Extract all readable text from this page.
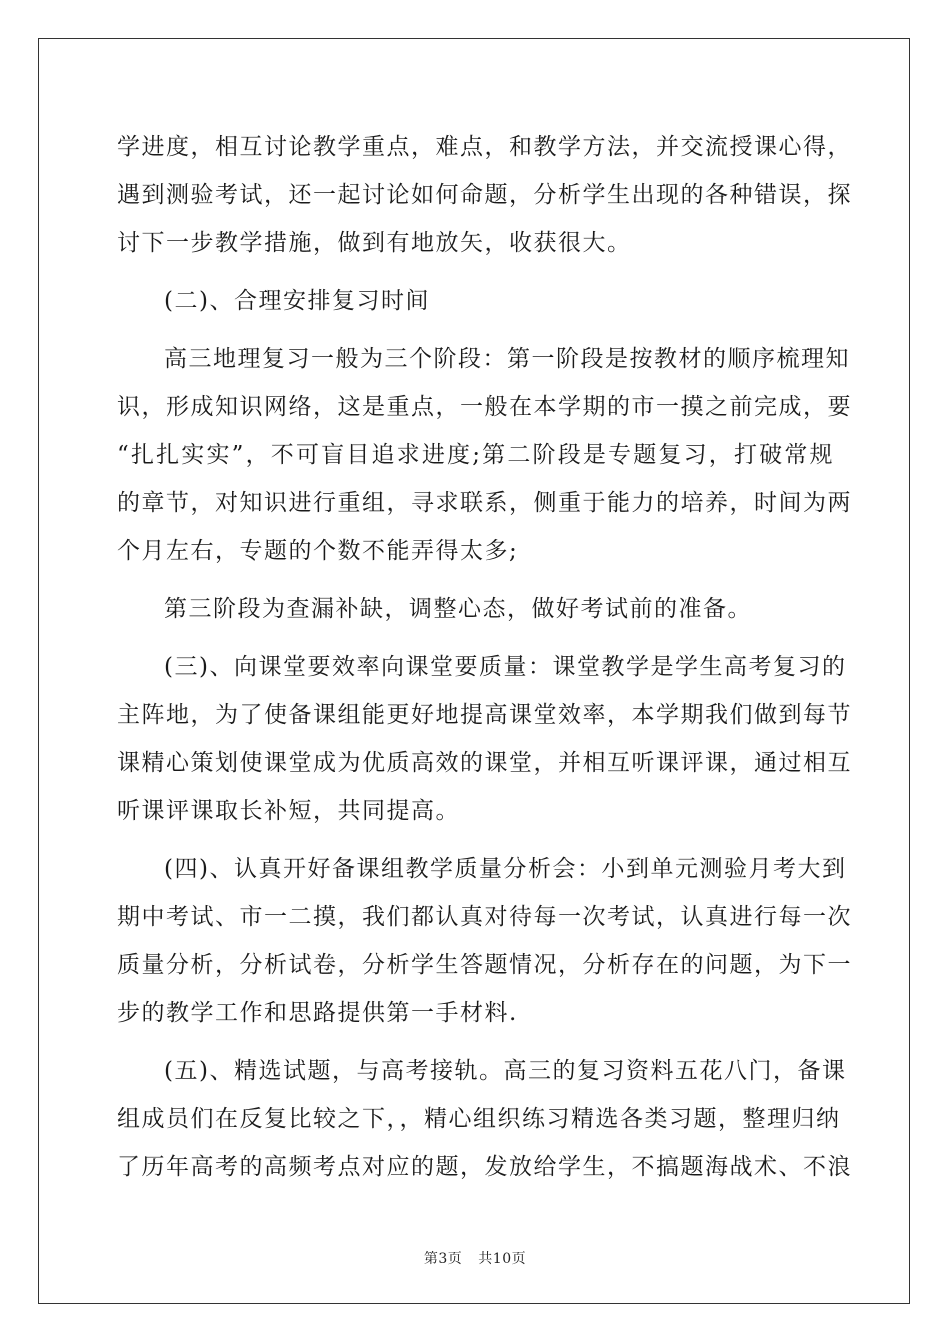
学进度，相互讨论教学重点，难点，和教学方法，并交流授课心得，
遇到测验考试，还一起讨论如何命题，分析学生出现的各种错误，探
讨下一步教学措施，做到有地放矢，收获很大。
(二)、合理安排复习时间
高三地理复习一般为三个阶段：第一阶段是按教材的顺序梳理知
识，形成知识网络，这是重点，一般在本学期的市一摸之前完成，要
“扎扎实实”，不可盲目追求进度;第二阶段是专题复习，打破常规
的章节，对知识进行重组，寻求联系，侧重于能力的培养，时间为两
个月左右，专题的个数不能弄得太多;
第三阶段为查漏补缺，调整心态，做好考试前的准备。
(三)、向课堂要效率向课堂要质量：课堂教学是学生高考复习的
主阵地，为了使备课组能更好地提高课堂效率，本学期我们做到每节
课精心策划使课堂成为优质高效的课堂，并相互听课评课，通过相互
听课评课取长补短，共同提高。
(四)、认真开好备课组教学质量分析会：小到单元测验月考大到
期中考试、市一二摸，我们都认真对待每一次考试，认真进行每一次
质量分析，分析试卷，分析学生答题情况，分析存在的问题，为下一
步的教学工作和思路提供第一手材料.
(五)、精选试题，与高考接轨。高三的复习资料五花八门，备课
组成员们在反复比较之下，，精心组织练习精选各类习题，整理归纳
了历年高考的高频考点对应的题，发放给学生，不搞题海战术、不浪
第3页 共10页
